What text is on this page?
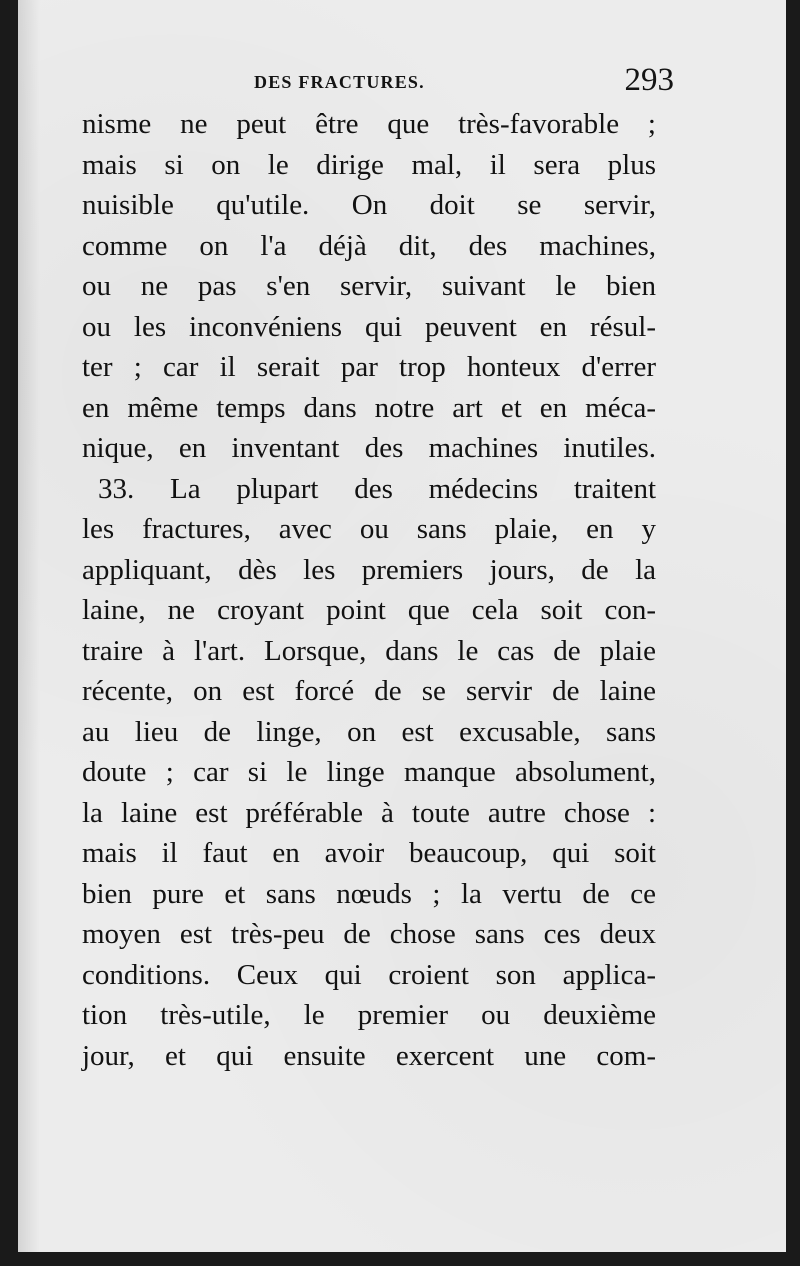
DES FRACTURES.	293
nisme ne peut être que très-favorable ;
mais si on le dirige mal, il sera plus
nuisible qu'utile. On doit se servir,
comme on l'a déjà dit, des machines,
ou ne pas s'en servir, suivant le bien
ou les inconvéniens qui peuvent en résul-
ter ; car il serait par trop honteux d'errer
en même temps dans notre art et en méca-
nique, en inventant des machines inutiles.
33. La plupart des médecins traitent
les fractures, avec ou sans plaie, en y
appliquant, dès les premiers jours, de la
laine, ne croyant point que cela soit con-
traire à l'art. Lorsque, dans le cas de plaie
récente, on est forcé de se servir de laine
au lieu de linge, on est excusable, sans
doute ; car si le linge manque absolument,
la laine est préférable à toute autre chose :
mais il faut en avoir beaucoup, qui soit
bien pure et sans nœuds ; la vertu de ce
moyen est très-peu de chose sans ces deux
conditions. Ceux qui croient son applica-
tion très-utile, le premier ou deuxième
jour, et qui ensuite exercent une com-
